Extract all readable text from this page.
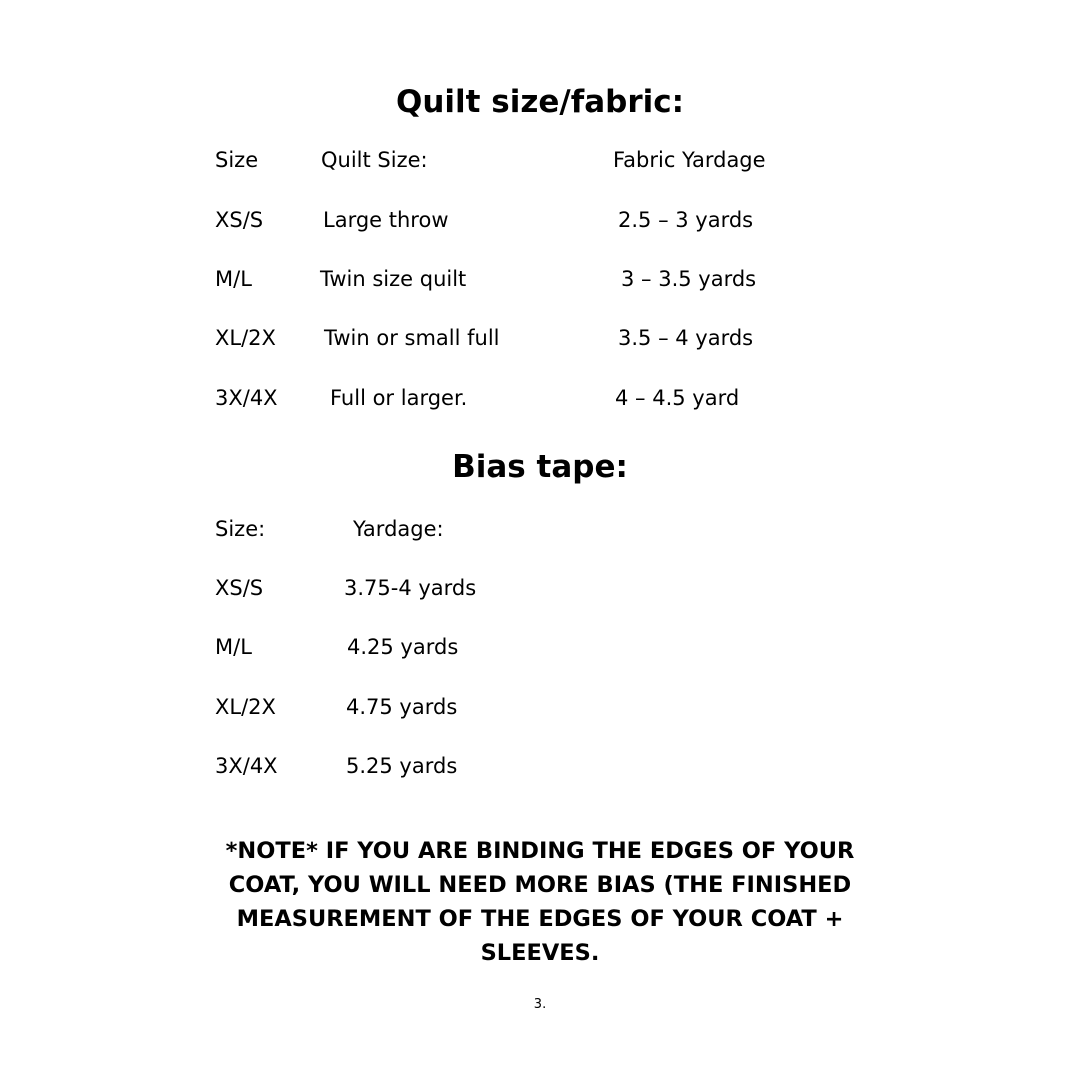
Quilt size/fabric:
Size	Quilt Size:	Fabric Yardage
XS/S	Large throw	2.5 – 3 yards
M/L	Twin size quilt	3 – 3.5 yards
XL/2X Twin or small full	3.5 – 4 yards
3X/4X Full or larger.	4 – 4.5 yard
Bias tape:
Size:	Yardage:
XS/S	3.75-4 yards
M/L	4.25 yards
XL/2X	4.75 yards
3X/4X	5.25 yards

*NOTE* IF YOU ARE BINDING THE EDGES OF YOUR COAT, YOU WILL NEED MORE BIAS (THE FINISHED MEASUREMENT OF THE EDGES OF YOUR COAT + SLEEVES.

3.
